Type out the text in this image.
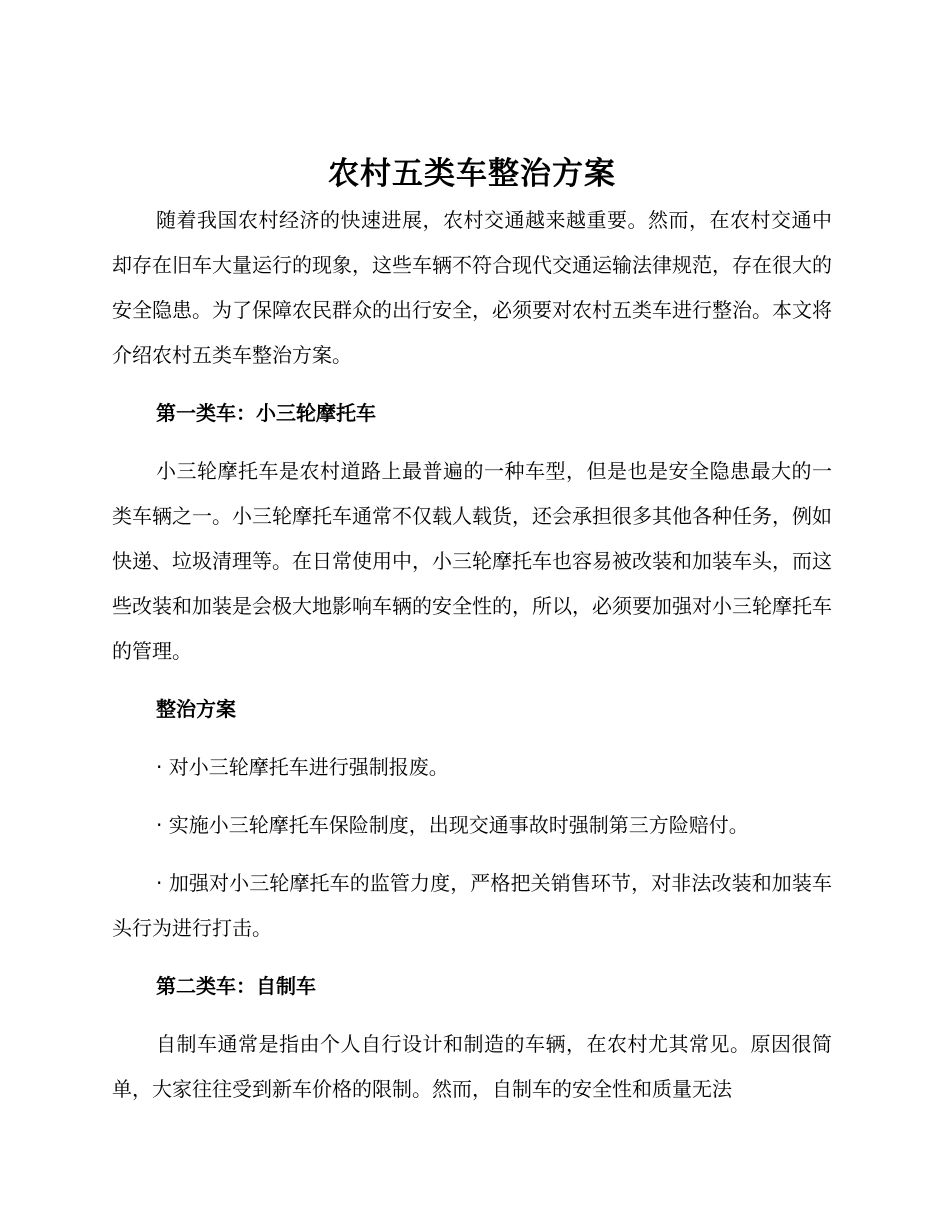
农村五类车整治方案

随着我国农村经济的快速进展，农村交通越来越重要。然而，在农村交通中却存在旧车大量运行的现象，这些车辆不符合现代交通运输法律规范，存在很大的安全隐患。为了保障农民群众的出行安全，必须要对农村五类车进行整治。本文将介绍农村五类车整治方案。

第一类车：小三轮摩托车

小三轮摩托车是农村道路上最普遍的一种车型，但是也是安全隐患最大的一类车辆之一。小三轮摩托车通常不仅载人载货，还会承担很多其他各种任务，例如快递、垃圾清理等。在日常使用中，小三轮摩托车也容易被改装和加装车头，而这些改装和加装是会极大地影响车辆的安全性的，所以，必须要加强对小三轮摩托车的管理。

整治方案

· 对小三轮摩托车进行强制报废。

· 实施小三轮摩托车保险制度，出现交通事故时强制第三方险赔付。

· 加强对小三轮摩托车的监管力度，严格把关销售环节，对非法改装和加装车头行为进行打击。

第二类车：自制车

自制车通常是指由个人自行设计和制造的车辆，在农村尤其常见。原因很简单，大家往往受到新车价格的限制。然而，自制车的安全性和质量无法
